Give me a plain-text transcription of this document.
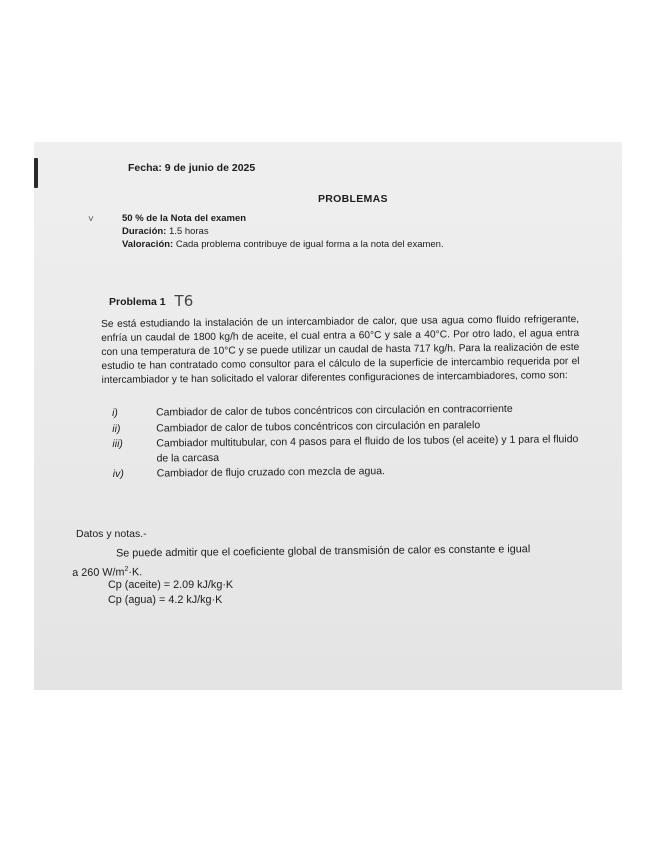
Fecha: 9 de junio de 2025
PROBLEMAS
˅	50 % de la Nota del examen
Duración: 1.5 horas
Valoración: Cada problema contribuye de igual forma a la nota del examen.
Problema 1 T6
Se está estudiando la instalación de un intercambiador de calor, que usa agua como fluido refrigerante, enfría un caudal de 1800 kg/h de aceite, el cual entra a 60°C y sale a 40°C. Por otro lado, el agua entra con una temperatura de 10°C y se puede utilizar un caudal de hasta 717 kg/h. Para la realización de este estudio te han contratado como consultor para el cálculo de la superficie de intercambio requerida por el intercambiador y te han solicitado el valorar diferentes configuraciones de intercambiadores, como son:
i)	Cambiador de calor de tubos concéntricos con circulación en contracorriente
ii)	Cambiador de calor de tubos concéntricos con circulación en paralelo
iii)	Cambiador multitubular, con 4 pasos para el fluido de los tubos (el aceite) y 1 para el fluido de la carcasa
iv)	Cambiador de flujo cruzado con mezcla de agua.
Datos y notas.-
Se puede admitir que el coeficiente global de transmisión de calor es constante e igual
a 260 $W/m^2\cdot K$.
Cp (aceite) = 2.09 kJ/kg·K
Cp (agua) = 4.2 kJ/kg·K
